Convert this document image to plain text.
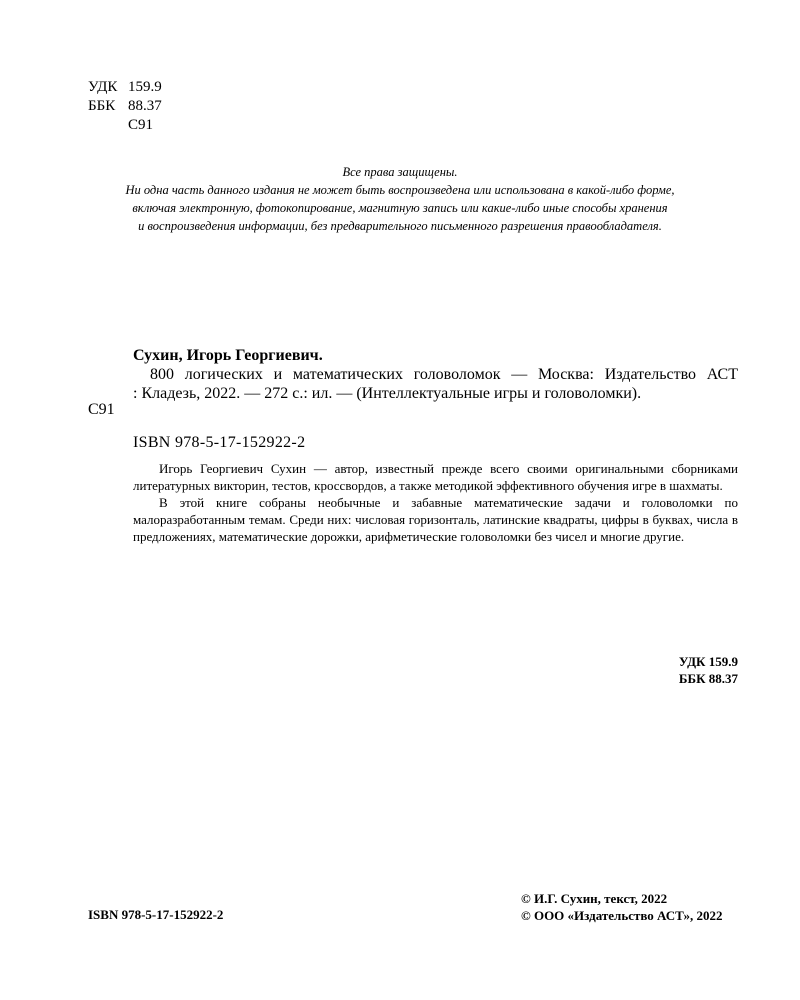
УДК 159.9
ББК 88.37
С91
Все права защищены.
Ни одна часть данного издания не может быть воспроизведена или использована в какой-либо форме,
включая электронную, фотокопирование, магнитную запись или какие-либо иные способы хранения
и воспроизведения информации, без предварительного письменного разрешения правообладателя.
Сухин, Игорь Георгиевич.
800 логических и математических головоломок — Москва: Издательство АСТ
: Кладезь, 2022. — 272 с.: ил. — (Интеллектуальные игры и головоломки).
С91
ISBN 978-5-17-152922-2

Игорь Георгиевич Сухин — автор, известный прежде всего своими оригинальными сборниками литературных викторин, тестов, кроссвордов, а также методикой эффективного обучения игре в шахматы.

В этой книге собраны необычные и забавные математические задачи и головоломки по малоразработанным темам. Среди них: числовая горизонталь, латинские квадраты, цифры в буквах, числа в предложениях, математические дорожки, арифметические головоломки без чисел и многие другие.

УДК 159.9
ББК 88.37
ISBN 978-5-17-152922-2
© И.Г. Сухин, текст, 2022
© ООО «Издательство АСТ», 2022
